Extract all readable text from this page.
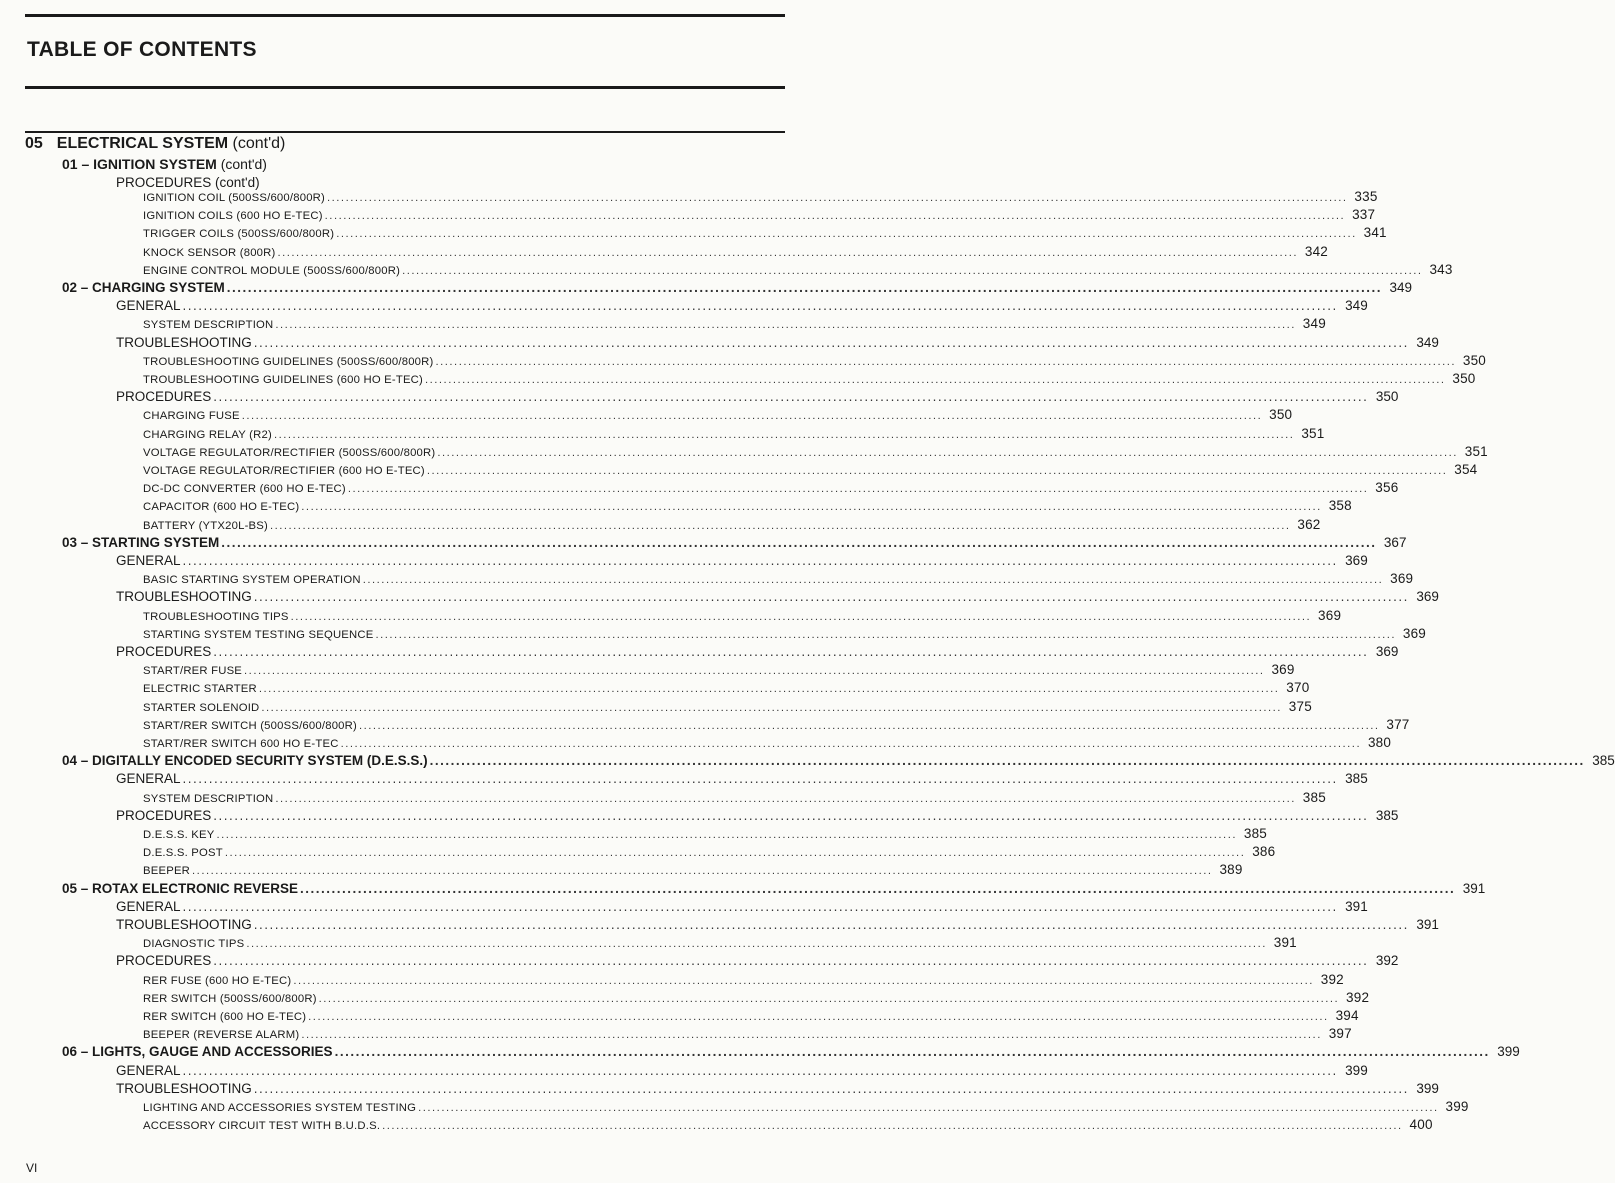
TABLE OF CONTENTS
05 ELECTRICAL SYSTEM (cont'd)
01 – IGNITION SYSTEM (cont'd)
PROCEDURES (cont'd)
IGNITION COIL (500SS/600/800R) ............................................................................................................................................................................................................................ 335
IGNITION COILS (600 HO E-TEC) ............................................................................................................................................................................................................................ 337
TRIGGER COILS (500SS/600/800R) ............................................................................................................................................................................................................................ 341
KNOCK SENSOR (800R) ............................................................................................................................................................................................................................ 342
ENGINE CONTROL MODULE (500SS/600/800R) ............................................................................................................................................................................................................................ 343
02 – CHARGING SYSTEM ............................................................................................................................................................................................................................ 349
GENERAL ............................................................................................................................................................................................................................ 349
SYSTEM DESCRIPTION ............................................................................................................................................................................................................................ 349
TROUBLESHOOTING ............................................................................................................................................................................................................................ 349
TROUBLESHOOTING GUIDELINES (500SS/600/800R) ............................................................................................................................................................................................................................ 350
TROUBLESHOOTING GUIDELINES (600 HO E-TEC) ............................................................................................................................................................................................................................ 350
PROCEDURES ............................................................................................................................................................................................................................ 350
CHARGING FUSE ............................................................................................................................................................................................................................ 350
CHARGING RELAY (R2) ............................................................................................................................................................................................................................ 351
VOLTAGE REGULATOR/RECTIFIER (500SS/600/800R) ............................................................................................................................................................................................................................ 351
VOLTAGE REGULATOR/RECTIFIER (600 HO E-TEC) ............................................................................................................................................................................................................................ 354
DC-DC CONVERTER (600 HO E-TEC) ............................................................................................................................................................................................................................ 356
CAPACITOR (600 HO E-TEC) ............................................................................................................................................................................................................................ 358
BATTERY (YTX20L-BS) ............................................................................................................................................................................................................................ 362
03 – STARTING SYSTEM ............................................................................................................................................................................................................................ 367
GENERAL ............................................................................................................................................................................................................................ 369
BASIC STARTING SYSTEM OPERATION ............................................................................................................................................................................................................................ 369
TROUBLESHOOTING ............................................................................................................................................................................................................................ 369
TROUBLESHOOTING TIPS ............................................................................................................................................................................................................................ 369
STARTING SYSTEM TESTING SEQUENCE ............................................................................................................................................................................................................................ 369
PROCEDURES ............................................................................................................................................................................................................................ 369
START/RER FUSE ............................................................................................................................................................................................................................ 369
ELECTRIC STARTER ............................................................................................................................................................................................................................ 370
STARTER SOLENOID ............................................................................................................................................................................................................................ 375
START/RER SWITCH (500SS/600/800R) ............................................................................................................................................................................................................................ 377
START/RER SWITCH 600 HO E-TEC ............................................................................................................................................................................................................................ 380
04 – DIGITALLY ENCODED SECURITY SYSTEM (D.E.S.S.) ............................................................................................................................................................................................................................ 385
GENERAL ............................................................................................................................................................................................................................ 385
SYSTEM DESCRIPTION ............................................................................................................................................................................................................................ 385
PROCEDURES ............................................................................................................................................................................................................................ 385
D.E.S.S. KEY ............................................................................................................................................................................................................................ 385
D.E.S.S. POST ............................................................................................................................................................................................................................ 386
BEEPER ............................................................................................................................................................................................................................ 389
05 – ROTAX ELECTRONIC REVERSE ............................................................................................................................................................................................................................ 391
GENERAL ............................................................................................................................................................................................................................ 391
TROUBLESHOOTING ............................................................................................................................................................................................................................ 391
DIAGNOSTIC TIPS ............................................................................................................................................................................................................................ 391
PROCEDURES ............................................................................................................................................................................................................................ 392
RER FUSE (600 HO E-TEC) ............................................................................................................................................................................................................................ 392
RER SWITCH (500SS/600/800R) ............................................................................................................................................................................................................................ 392
RER SWITCH (600 HO E-TEC) ............................................................................................................................................................................................................................ 394
BEEPER (REVERSE ALARM) ............................................................................................................................................................................................................................ 397
06 – LIGHTS, GAUGE AND ACCESSORIES ............................................................................................................................................................................................................................ 399
GENERAL ............................................................................................................................................................................................................................ 399
TROUBLESHOOTING ............................................................................................................................................................................................................................ 399
LIGHTING AND ACCESSORIES SYSTEM TESTING ............................................................................................................................................................................................................................ 399
ACCESSORY CIRCUIT TEST WITH B.U.D.S. ............................................................................................................................................................................................................................ 400
VI
